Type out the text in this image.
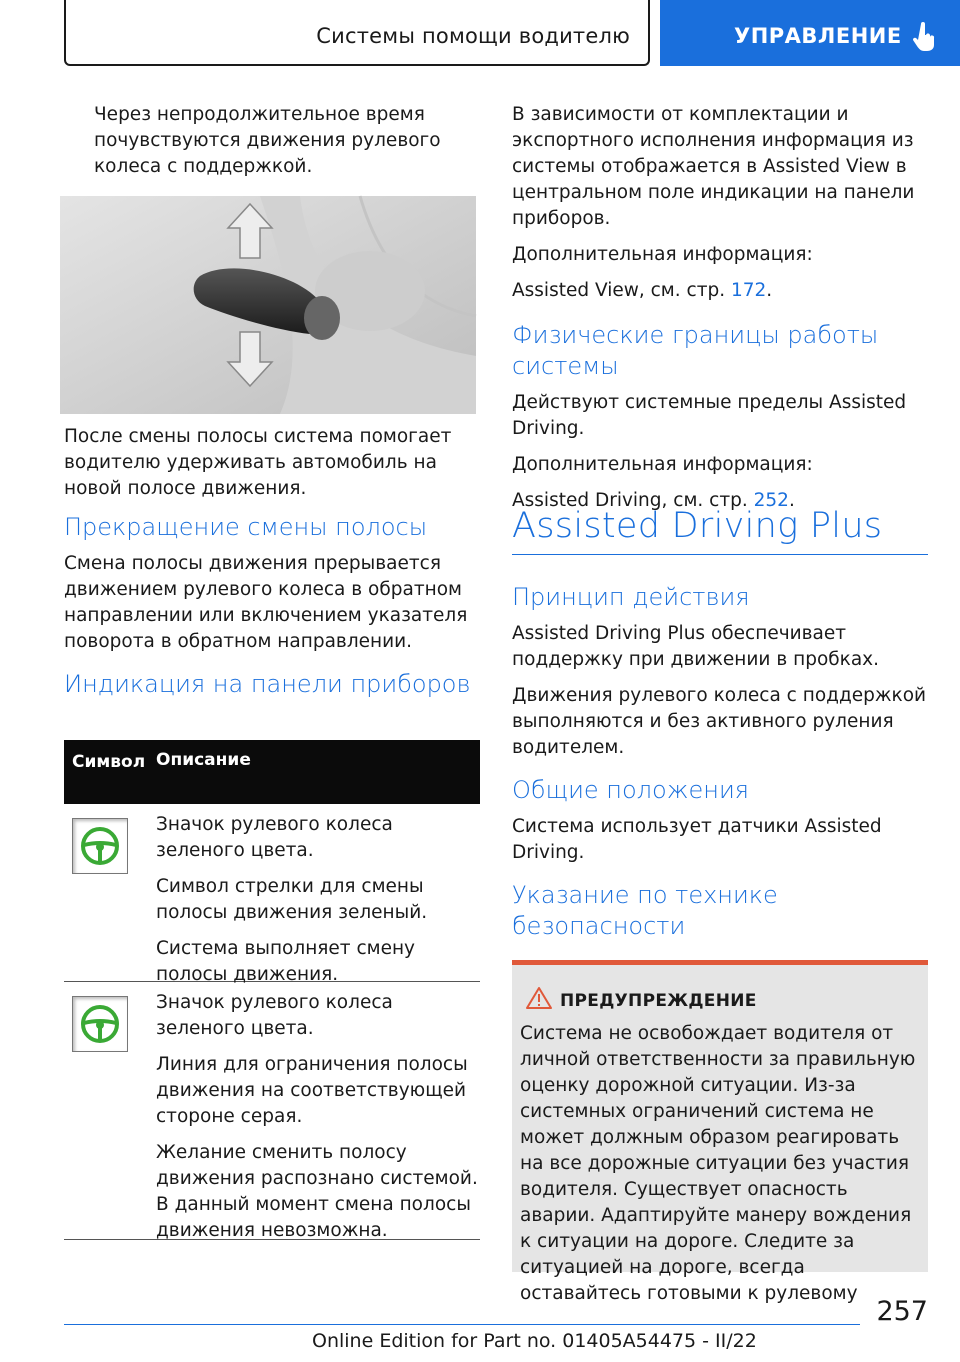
Системы помощи водителю	УПРАВЛЕНИЕ

Через непродолжительное время почувствуются движения рулевого колеса с поддержкой.

После смены полосы система помогает водителю удерживать автомобиль на новой полосе движения.

Прекращение смены полосы

Смена полосы движения прерывается движением рулевого колеса в обратном направлении или включением указателя поворота в обратном направлении.

Индикация на панели приборов
Символ Описание

Значок рулевого колеса зеленого цвета.

Символ стрелки для смены полосы движения зеленый.

Система выполняет смену полосы движения.

Значок рулевого колеса зеленого цвета.

Линия для ограничения полосы движения на соответствующей стороне серая.

Желание сменить полосу движения распознано системой. В данный момент смена полосы движения невозможна.

В зависимости от комплектации и экспортного исполнения информация из системы отображается в Assisted View в центральном поле индикации на панели приборов.

Дополнительная информация:

Assisted View, см. стр. 172.

Физические границы работы системы

Действуют системные пределы Assisted Driving.

Дополнительная информация:

Assisted Driving, см. стр. 252.

Assisted Driving Plus
Принцип действия

Assisted Driving Plus обеспечивает поддержку при движении в пробках.

Движения рулевого колеса с поддержкой выполняются и без активного руления водителем.

Общие положения

Система использует датчики Assisted Driving.

Указание по технике безопасности
ПРЕДУПРЕЖДЕНИЕ
Система не освобождает водителя от личной ответственности за правильную оценку дорожной ситуации. Из-за системных ограничений система не может должным образом реагировать на все дорожные ситуации без участия водителя. Существует опасность аварии. Адаптируйте манеру вождения к ситуации на дороге. Следите за ситуацией на дороге, всегда оставайтесь готовыми к рулевому
257
Online Edition for Part no. 01405A54475 - II/22
